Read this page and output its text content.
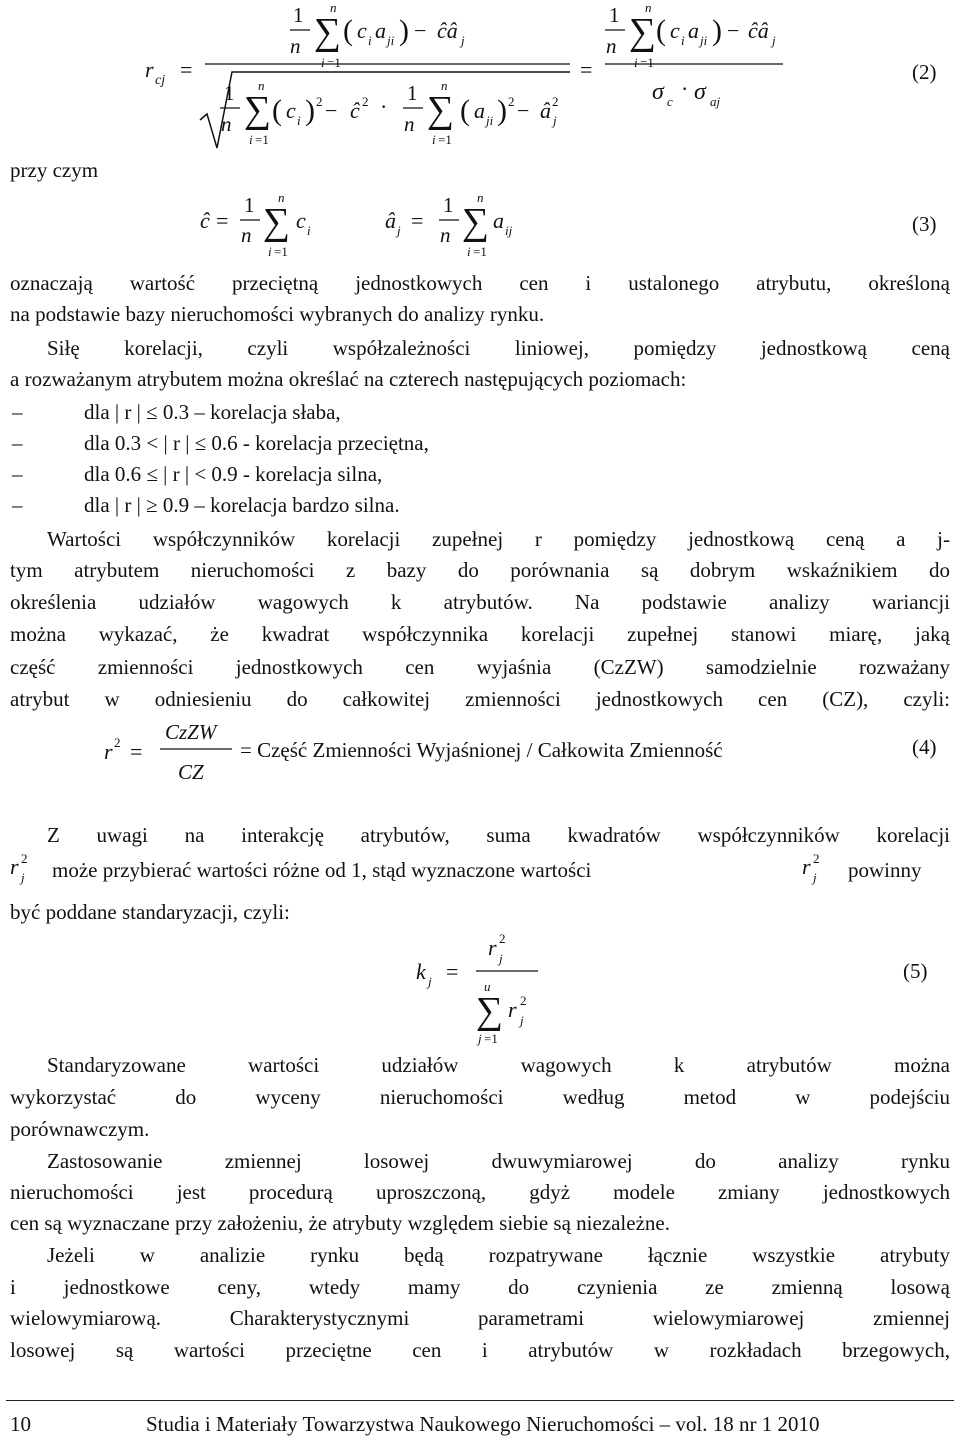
r cj =
1
n
n
∑
i =1
( c i a ji ) − ĉâ j
1
n
n
∑
i =1
( c i ) 2 − ĉ 2 ·
1
n
n
∑
i =1
( a ji ) 2 − â 2
j
=
1
n
n
∑
i =1
( c i a ji ) − ĉâ j
σ c
· σ aj
(2)
przy czym
ĉ =
1
n
n
∑
i =1
c i	â j =
1
n
n
∑
i =1
a ij	(3)
oznaczają wartość przeciętną jednostkowych cen i ustalonego atrybutu, określoną
na podstawie bazy nieruchomości wybranych do analizy rynku.
Siłę korelacji, czyli współzależności liniowej, pomiędzy jednostkową ceną
a rozważanym atrybutem można określać na czterech następujących poziomach:
–	dla | r | ≤ 0.3 – korelacja słaba,
–	dla 0.3 < | r | ≤ 0.6 - korelacja przeciętna,
–	dla 0.6 ≤ | r | < 0.9 - korelacja silna,
–	dla | r | ≥ 0.9 – korelacja bardzo silna.
Wartości współczynników korelacji zupełnej r pomiędzy jednostkową ceną a j-
tym atrybutem nieruchomości z bazy do porównania są dobrym wskaźnikiem do
określenia udziałów wagowych k atrybutów. Na podstawie analizy wariancji
można wykazać, że kwadrat współczynnika korelacji zupełnej stanowi miarę, jaką
część zmienności jednostkowych cen wyjaśnia (CzZW) samodzielnie rozważany
atrybut w odniesieniu do całkowitej zmienności jednostkowych cen (CZ), czyli:
r 2 =
CzZW
CZ
= Część Zmienności Wyjaśnionej / Całkowita Zmienność	(4)
Z uwagi na interakcję atrybutów, suma kwadratów współczynników korelacji
r 2
j może przybierać wartości różne od 1, stąd wyznaczone wartości	r 2
j powinny
być poddane standaryzacji, czyli:
k j =
r 2
j
u
∑
j =1
r 2
j
(5)
Standaryzowane wartości udziałów wagowych k atrybutów można
wykorzystać do wyceny nieruchomości według metod w podejściu
porównawczym.
Zastosowanie zmiennej losowej dwuwymiarowej do analizy rynku
nieruchomości jest procedurą uproszczoną, gdyż modele zmiany jednostkowych
cen są wyznaczane przy założeniu, że atrybuty względem siebie są niezależne.
Jeżeli w analizie rynku będą rozpatrywane łącznie wszystkie atrybuty
i jednostkowe ceny, wtedy mamy do czynienia ze zmienną losową
wielowymiarową. Charakterystycznymi parametrami wielowymiarowej zmiennej
losowej są wartości przeciętne cen i atrybutów w rozkładach brzegowych,
10	Studia i Materiały Towarzystwa Naukowego Nieruchomości – vol. 18 nr 1 2010
